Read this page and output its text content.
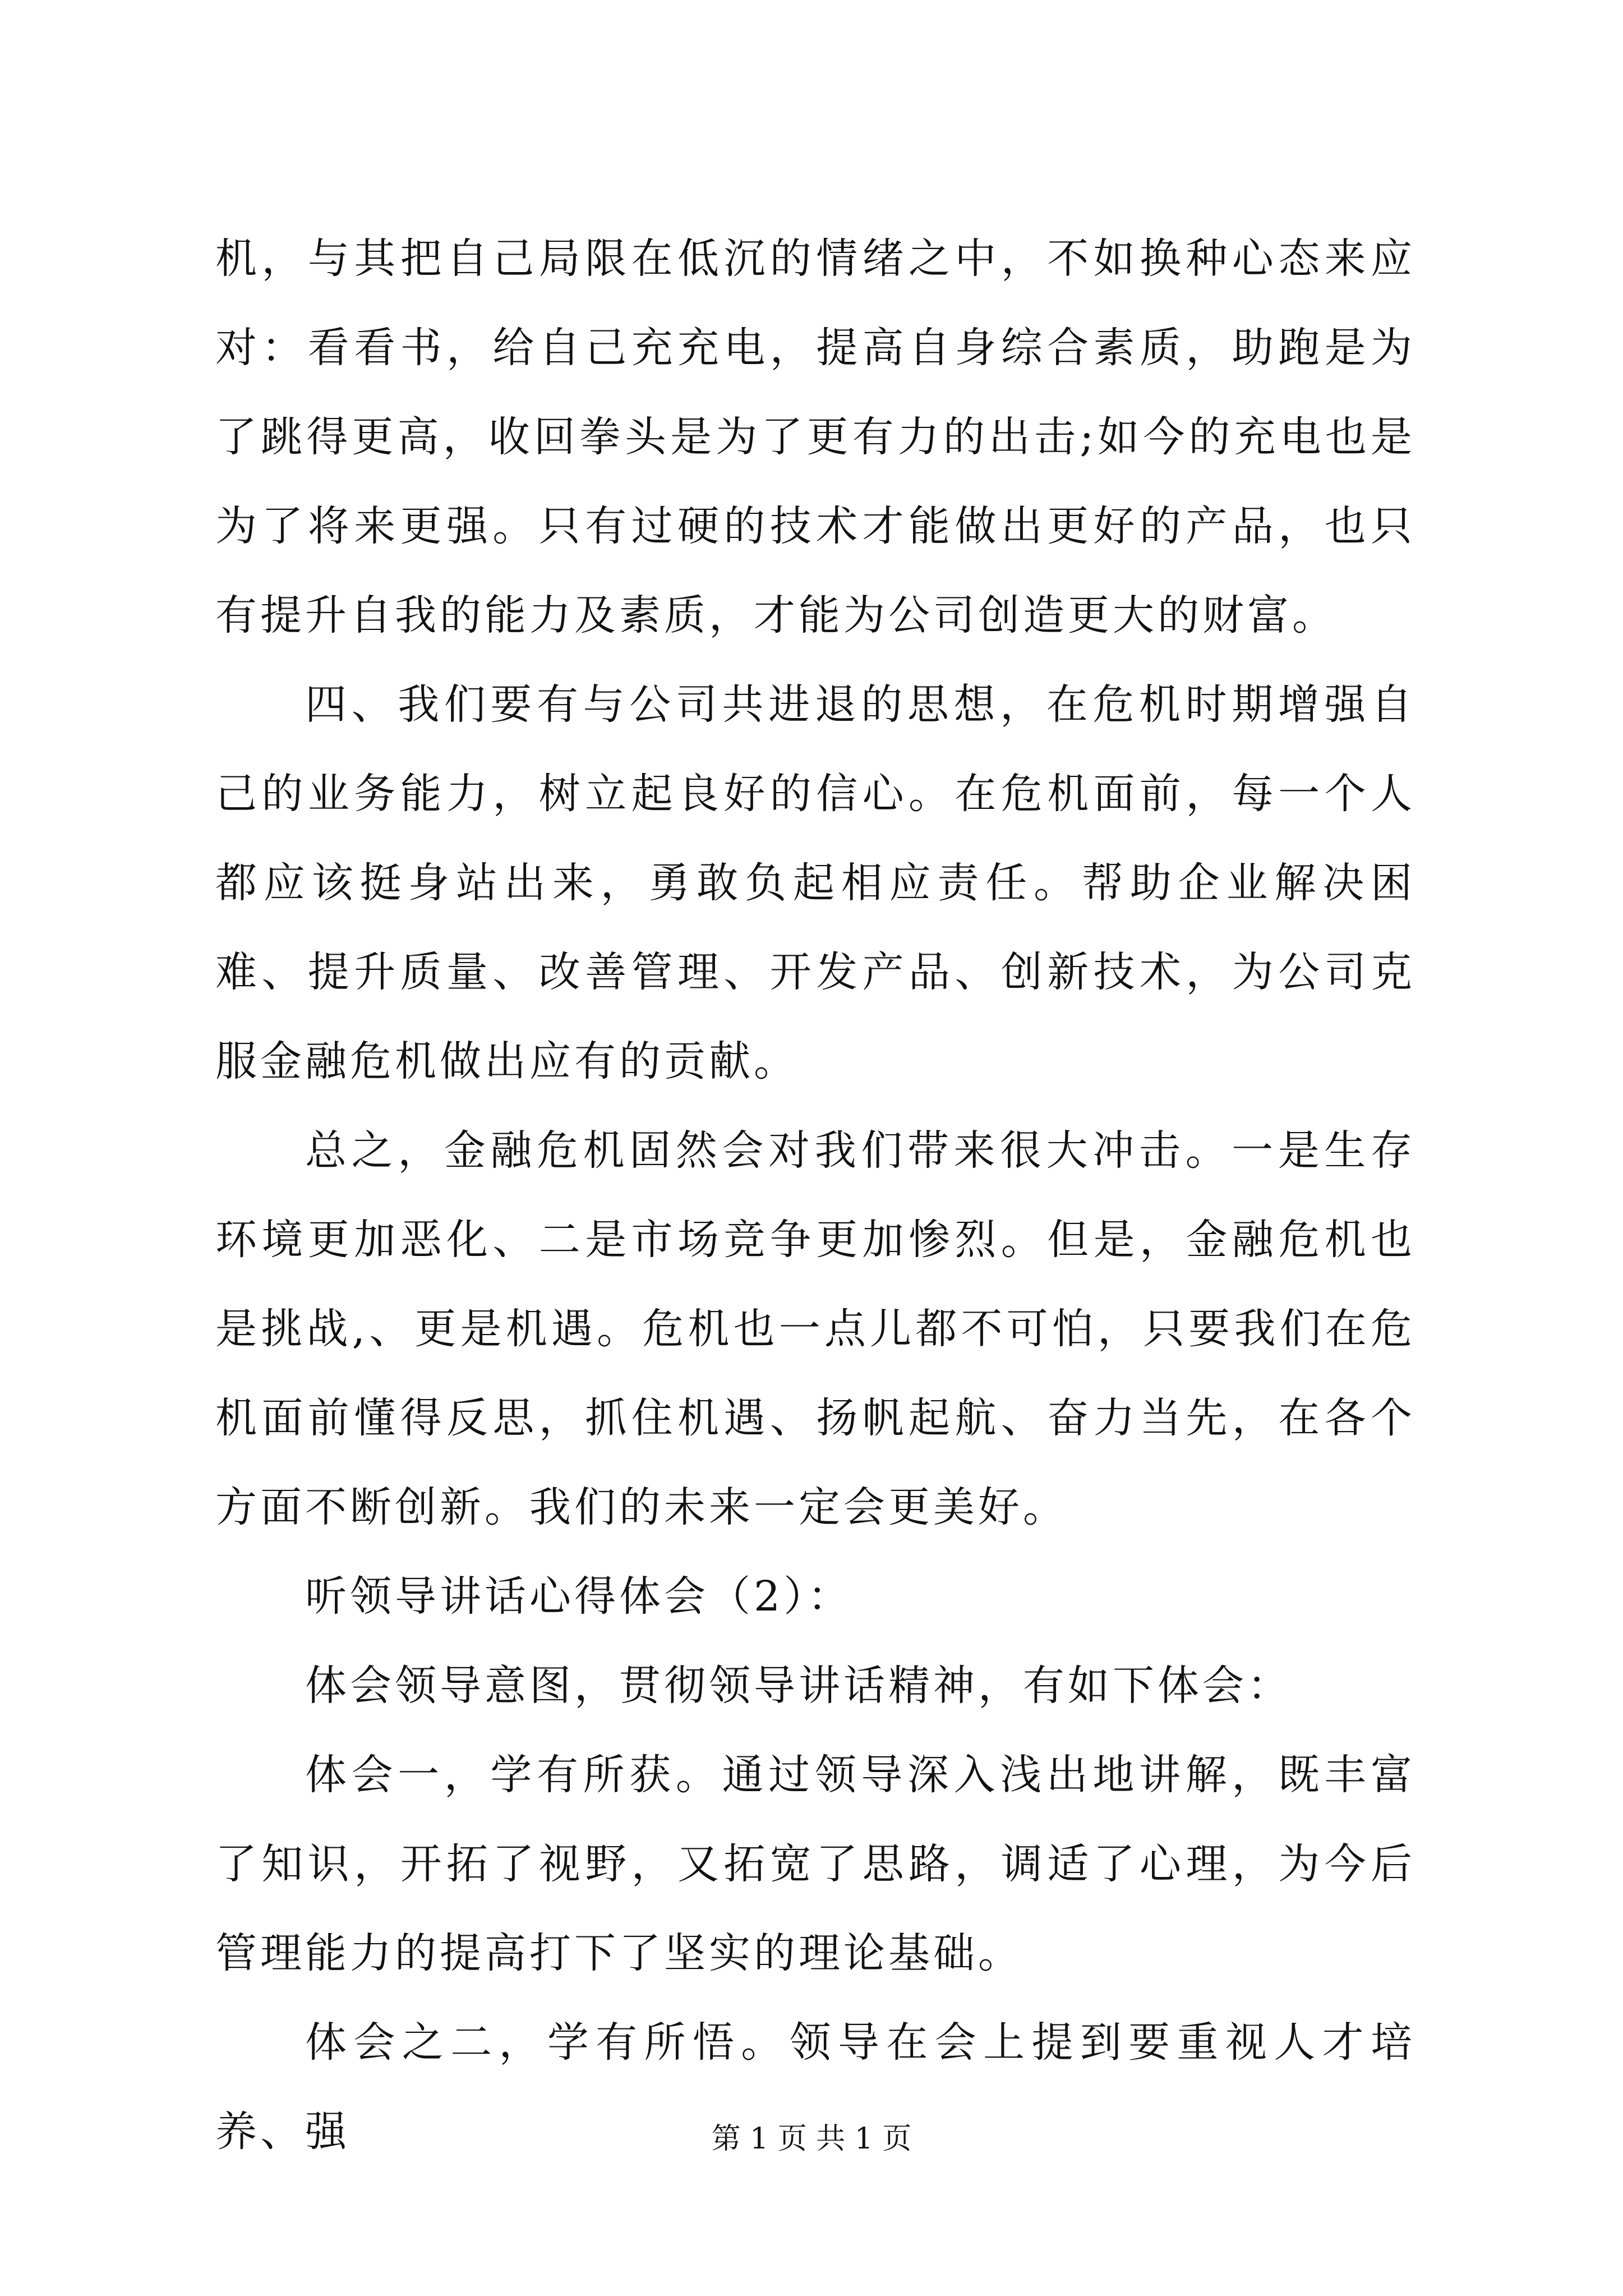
机，与其把自己局限在低沉的情绪之中，不如换种心态来应对：看看书，给自己充充电，提高自身综合素质，助跑是为了跳得更高，收回拳头是为了更有力的出击;如今的充电也是为了将来更强。只有过硬的技术才能做出更好的产品，也只有提升自我的能力及素质，才能为公司创造更大的财富。

四、我们要有与公司共进退的思想，在危机时期增强自己的业务能力，树立起良好的信心。在危机面前，每一个人都应该挺身站出来，勇敢负起相应责任。帮助企业解决困难、提升质量、改善管理、开发产品、创新技术，为公司克服金融危机做出应有的贡献。

总之，金融危机固然会对我们带来很大冲击。一是生存环境更加恶化、二是市场竞争更加惨烈。但是，金融危机也是挑战,、更是机遇。危机也一点儿都不可怕，只要我们在危机面前懂得反思，抓住机遇、扬帆起航、奋力当先，在各个方面不断创新。我们的未来一定会更美好。

听领导讲话心得体会（2）：

体会领导意图，贯彻领导讲话精神，有如下体会：

体会一，学有所获。通过领导深入浅出地讲解，既丰富了知识，开拓了视野，又拓宽了思路，调适了心理，为今后管理能力的提高打下了坚实的理论基础。

体会之二，学有所悟。领导在会上提到要重视人才培养、强	第 1 页 共 1 页
